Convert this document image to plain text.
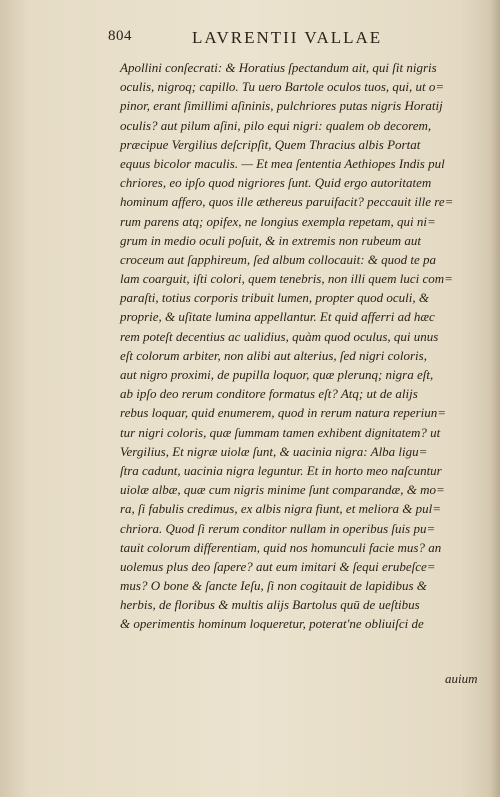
804	LAVRENTII VALLAE
Apollini conſecrati: & Horatius ſpectandum ait, qui ſit nigris
oculis, nigroq; capillo. Tu uero Bartole oculos tuos, qui, ut o=
pinor, erant ſimillimi aſininis, pulchriores putas nigris Horatij
oculis? aut pilum aſini, pilo equi nigri: qualem ob decorem,
præcipue Vergilius deſcripſit, Quem Thracius albis Portat
equus bicolor maculis. — Et mea ſententia Aethiopes Indis pul
chriores, eo ipſo quod nigriores ſunt. Quid ergo autoritatem
hominum affero, quos ille æthereus paruifacit? peccauit ille re=
rum parens atq; opifex, ne longius exempla repetam, qui ni=
grum in medio oculi poſuit, & in extremis non rubeum aut
croceum aut ſapphireum, ſed album collocauit: & quod te pa
lam coarguit, iſti colori, quem tenebris, non illi quem luci com=
paraſti, totius corporis tribuit lumen, propter quod oculi, &
proprie, & uſitate lumina appellantur. Et quid afferri ad hæc
rem poteſt decentius ac ualidius, quàm quod oculus, qui unus
eſt colorum arbiter, non alibi aut alterius, ſed nigri coloris,
aut nigro proximi, de pupilla loquor, quæ plerunq; nigra eſt,
ab ipſo deo rerum conditore formatus eſt? Atq; ut de alijs
rebus loquar, quid enumerem, quod in rerum natura reperiun=
tur nigri coloris, quæ ſummam tamen exhibent dignitatem? ut
Vergilius, Et nigræ uiolæ ſunt, & uacinia nigra: Alba ligu=
ſtra cadunt, uacinia nigra leguntur. Et in horto meo naſcuntur
uiolæ albæ, quæ cum nigris minime ſunt comparandæ, & mo=
ra, ſi fabulis credimus, ex albis nigra fiunt, et meliora & pul=
chriora. Quod ſi rerum conditor nullam in operibus ſuis pu=
tauit colorum differentiam, quid nos homunculi facie mus? an
uolemus plus deo ſapere? aut eum imitari & ſequi erubeſce=
mus? O bone & ſancte Ieſu, ſi non cogitauit de lapidibus &
herbis, de floribus & multis alijs Bartolus quū de ueſtibus
& operimentis hominum loqueretur, poterat'ne obliuiſci de
auium
